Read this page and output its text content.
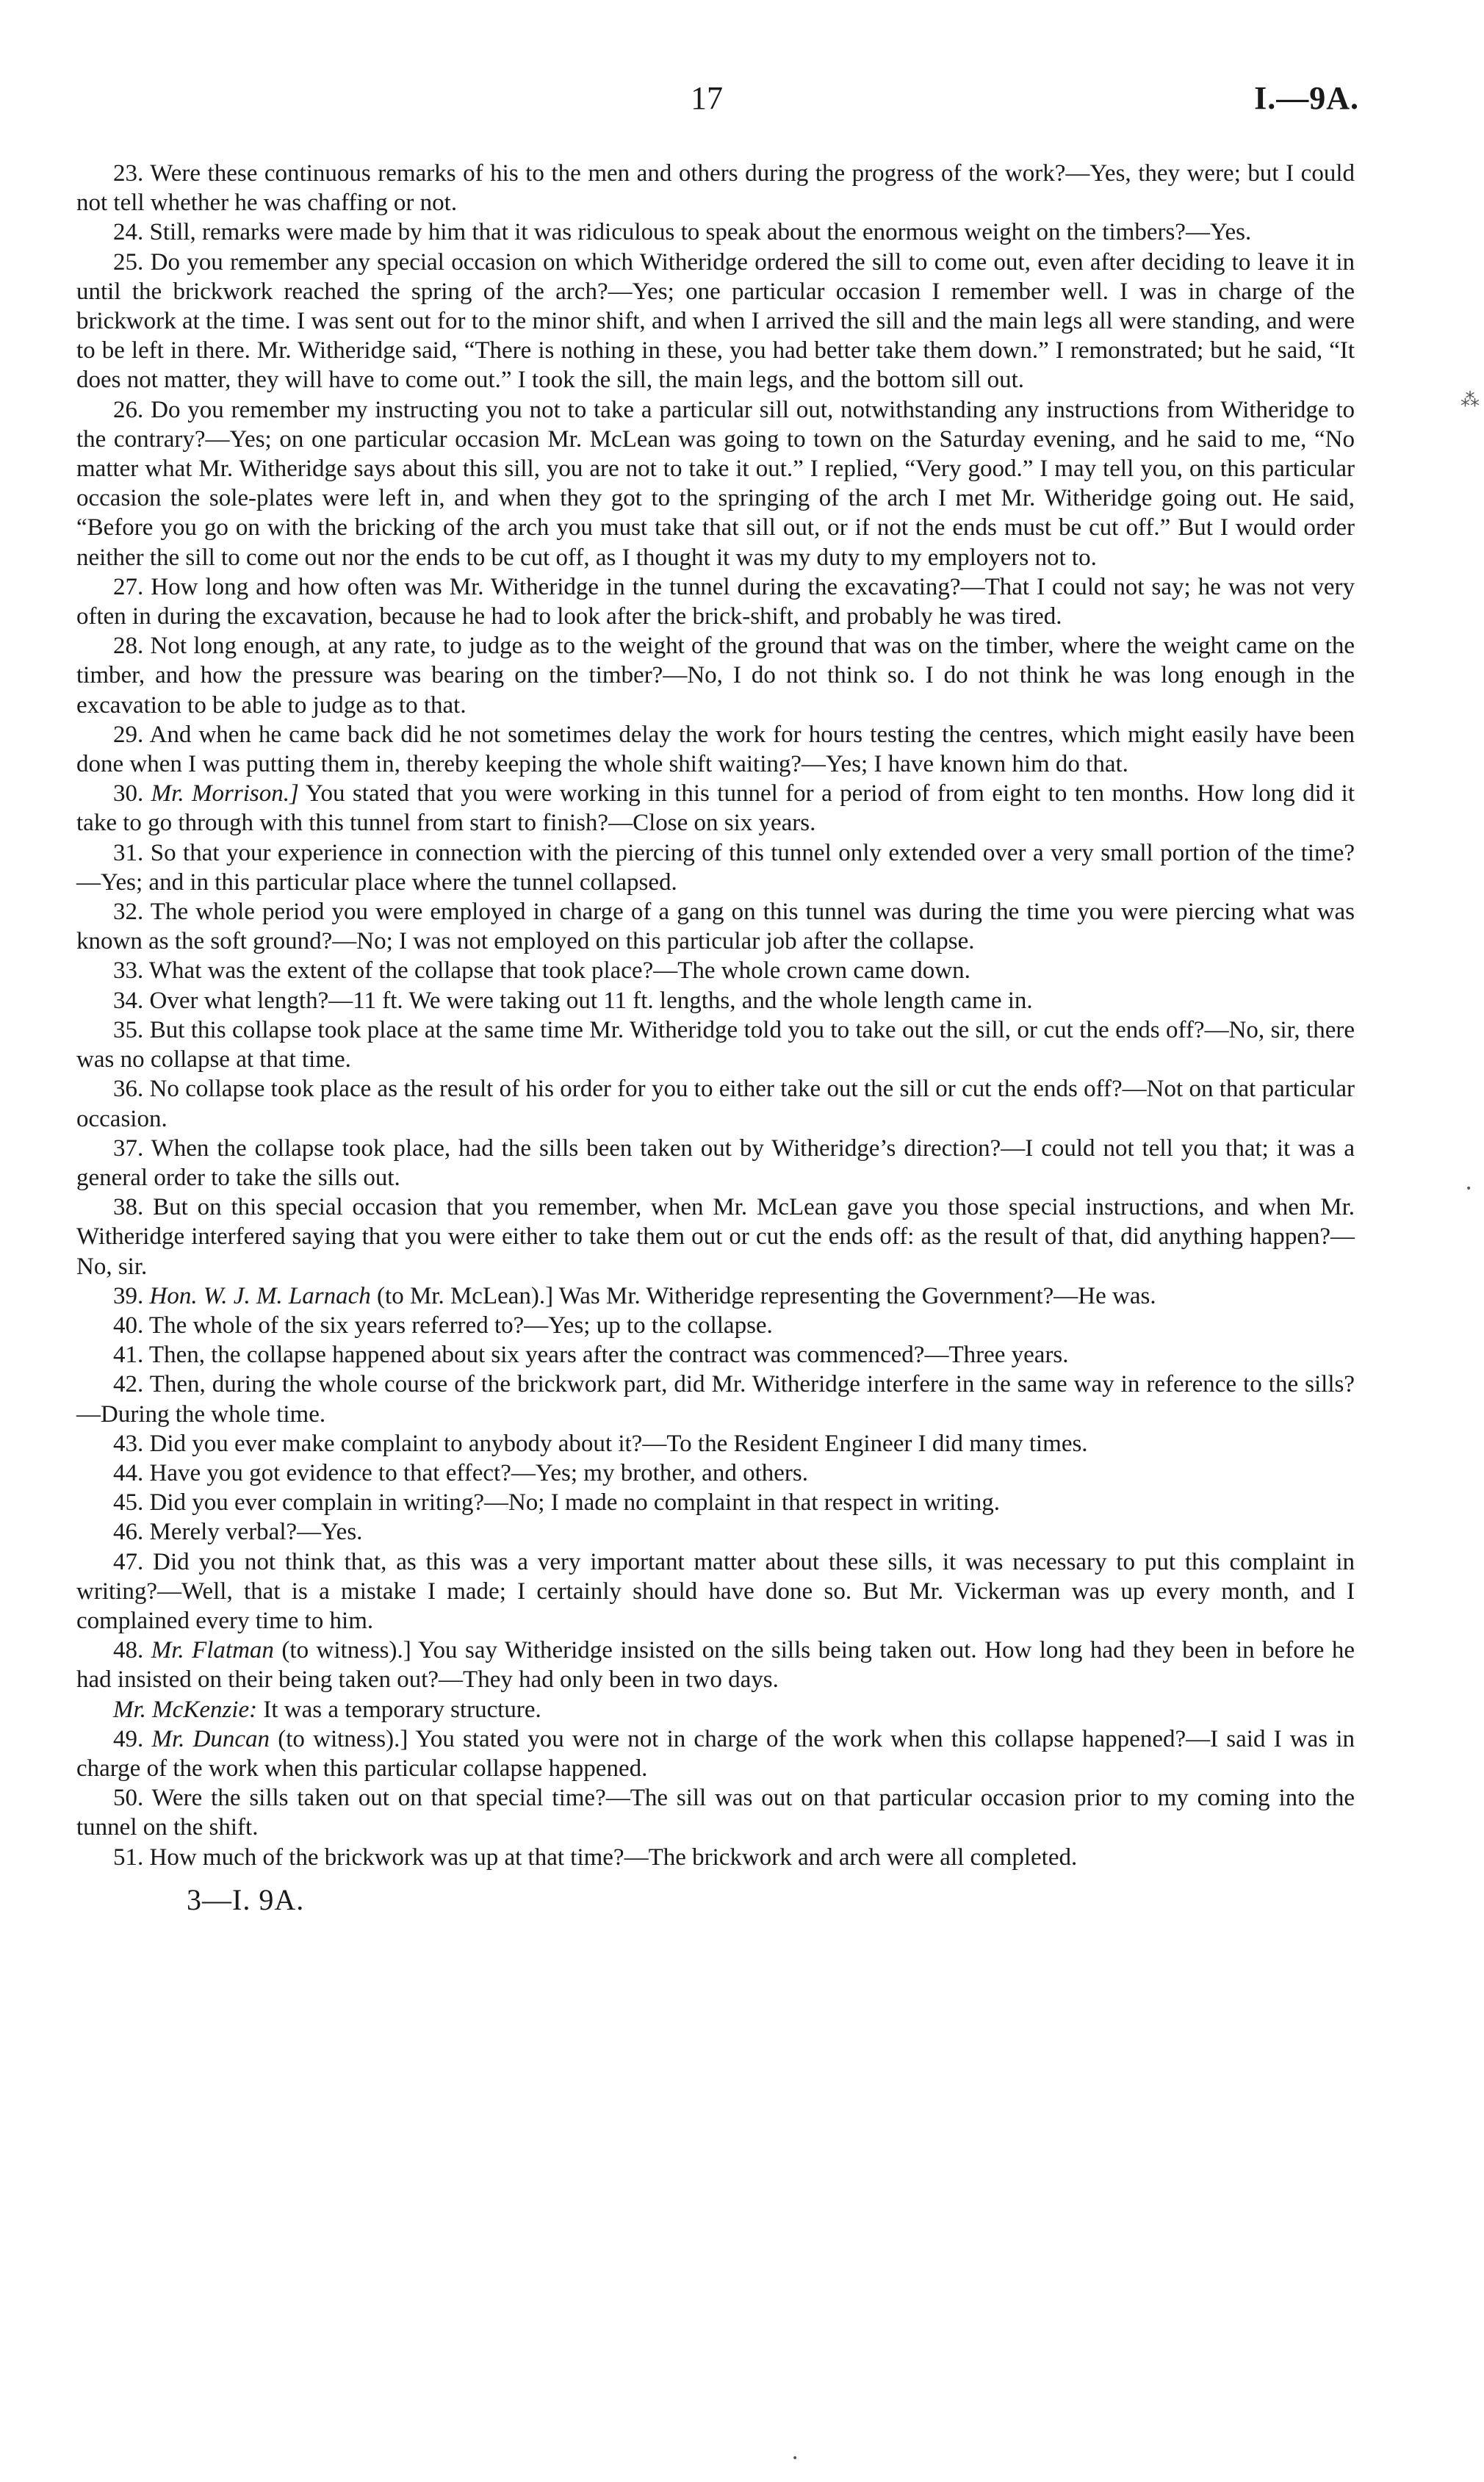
17	I.—9A.

23. Were these continuous remarks of his to the men and others during the progress of the work?—Yes, they were; but I could not tell whether he was chaffing or not.

24. Still, remarks were made by him that it was ridiculous to speak about the enormous weight on the timbers?—Yes.

25. Do you remember any special occasion on which Witheridge ordered the sill to come out, even after deciding to leave it in until the brickwork reached the spring of the arch?—Yes; one particular occasion I remember well. I was in charge of the brickwork at the time. I was sent out for to the minor shift, and when I arrived the sill and the main legs all were standing, and were to be left in there. Mr. Witheridge said, “There is nothing in these, you had better take them down.” I remonstrated; but he said, “It does not matter, they will have to come out.” I took the sill, the main legs, and the bottom sill out.

26. Do you remember my instructing you not to take a particular sill out, notwithstanding any instructions from Witheridge to the contrary?—Yes; on one particular occasion Mr. McLean was going to town on the Saturday evening, and he said to me, “No matter what Mr. Witheridge says about this sill, you are not to take it out.” I replied, “Very good.” I may tell you, on this particular occasion the sole-plates were left in, and when they got to the springing of the arch I met Mr. Witheridge going out. He said, “Before you go on with the bricking of the arch you must take that sill out, or if not the ends must be cut off.” But I would order neither the sill to come out nor the ends to be cut off, as I thought it was my duty to my employers not to.

27. How long and how often was Mr. Witheridge in the tunnel during the excavating?—That I could not say; he was not very often in during the excavation, because he had to look after the brick-shift, and probably he was tired.

28. Not long enough, at any rate, to judge as to the weight of the ground that was on the timber, where the weight came on the timber, and how the pressure was bearing on the timber?—No, I do not think so. I do not think he was long enough in the excavation to be able to judge as to that.

29. And when he came back did he not sometimes delay the work for hours testing the centres, which might easily have been done when I was putting them in, thereby keeping the whole shift waiting?—Yes; I have known him do that.

30. Mr. Morrison.] You stated that you were working in this tunnel for a period of from eight to ten months. How long did it take to go through with this tunnel from start to finish?—Close on six years.

31. So that your experience in connection with the piercing of this tunnel only extended over a very small portion of the time?—Yes; and in this particular place where the tunnel collapsed.

32. The whole period you were employed in charge of a gang on this tunnel was during the time you were piercing what was known as the soft ground?—No; I was not employed on this particular job after the collapse.

33. What was the extent of the collapse that took place?—The whole crown came down.

34. Over what length?—11 ft. We were taking out 11 ft. lengths, and the whole length came in.

35. But this collapse took place at the same time Mr. Witheridge told you to take out the sill, or cut the ends off?—No, sir, there was no collapse at that time.

36. No collapse took place as the result of his order for you to either take out the sill or cut the ends off?—Not on that particular occasion.

37. When the collapse took place, had the sills been taken out by Witheridge’s direction?—I could not tell you that; it was a general order to take the sills out.

38. But on this special occasion that you remember, when Mr. McLean gave you those special instructions, and when Mr. Witheridge interfered saying that you were either to take them out or cut the ends off: as the result of that, did anything happen?—No, sir.

39. Hon. W. J. M. Larnach (to Mr. McLean).] Was Mr. Witheridge representing the Government?—He was.

40. The whole of the six years referred to?—Yes; up to the collapse.

41. Then, the collapse happened about six years after the contract was commenced?—Three years.

42. Then, during the whole course of the brickwork part, did Mr. Witheridge interfere in the same way in reference to the sills?—During the whole time.

43. Did you ever make complaint to anybody about it?—To the Resident Engineer I did many times.

44. Have you got evidence to that effect?—Yes; my brother, and others.

45. Did you ever complain in writing?—No; I made no complaint in that respect in writing.

46. Merely verbal?—Yes.

47. Did you not think that, as this was a very important matter about these sills, it was necessary to put this complaint in writing?—Well, that is a mistake I made; I certainly should have done so. But Mr. Vickerman was up every month, and I complained every time to him.

48. Mr. Flatman (to witness).] You say Witheridge insisted on the sills being taken out. How long had they been in before he had insisted on their being taken out?—They had only been in two days.

Mr. McKenzie: It was a temporary structure.

49. Mr. Duncan (to witness).] You stated you were not in charge of the work when this collapse happened?—I said I was in charge of the work when this particular collapse happened.

50. Were the sills taken out on that special time?—The sill was out on that particular occasion prior to my coming into the tunnel on the shift.

51. How much of the brickwork was up at that time?—The brickwork and arch were all completed.

3—I. 9A.
⁂
•
•
